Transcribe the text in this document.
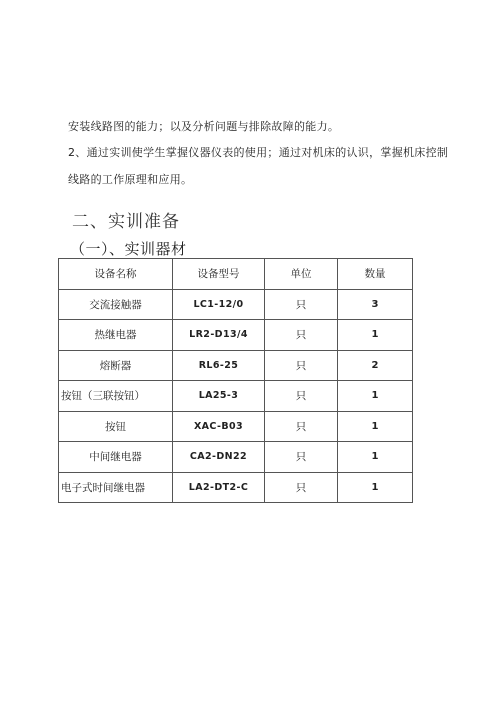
安装线路图的能力；以及分析问题与排除故障的能力。
2、通过实训使学生掌握仪器仪表的使用；通过对机床的认识，掌握机床控制
线路的工作原理和应用。
二、实训准备
（一）、实训器材
设备名称	设备型号	单位	数量
交流接触器	LC1-12/0	只	3
热继电器	LR2-D13/4	只	1
熔断器	RL6-25	只	2
按钮（三联按钮）	LA25-3	只	1
按钮	XAC-B03	只	1
中间继电器	CA2-DN22	只	1
电子式时间继电器	LA2-DT2-C	只	1
